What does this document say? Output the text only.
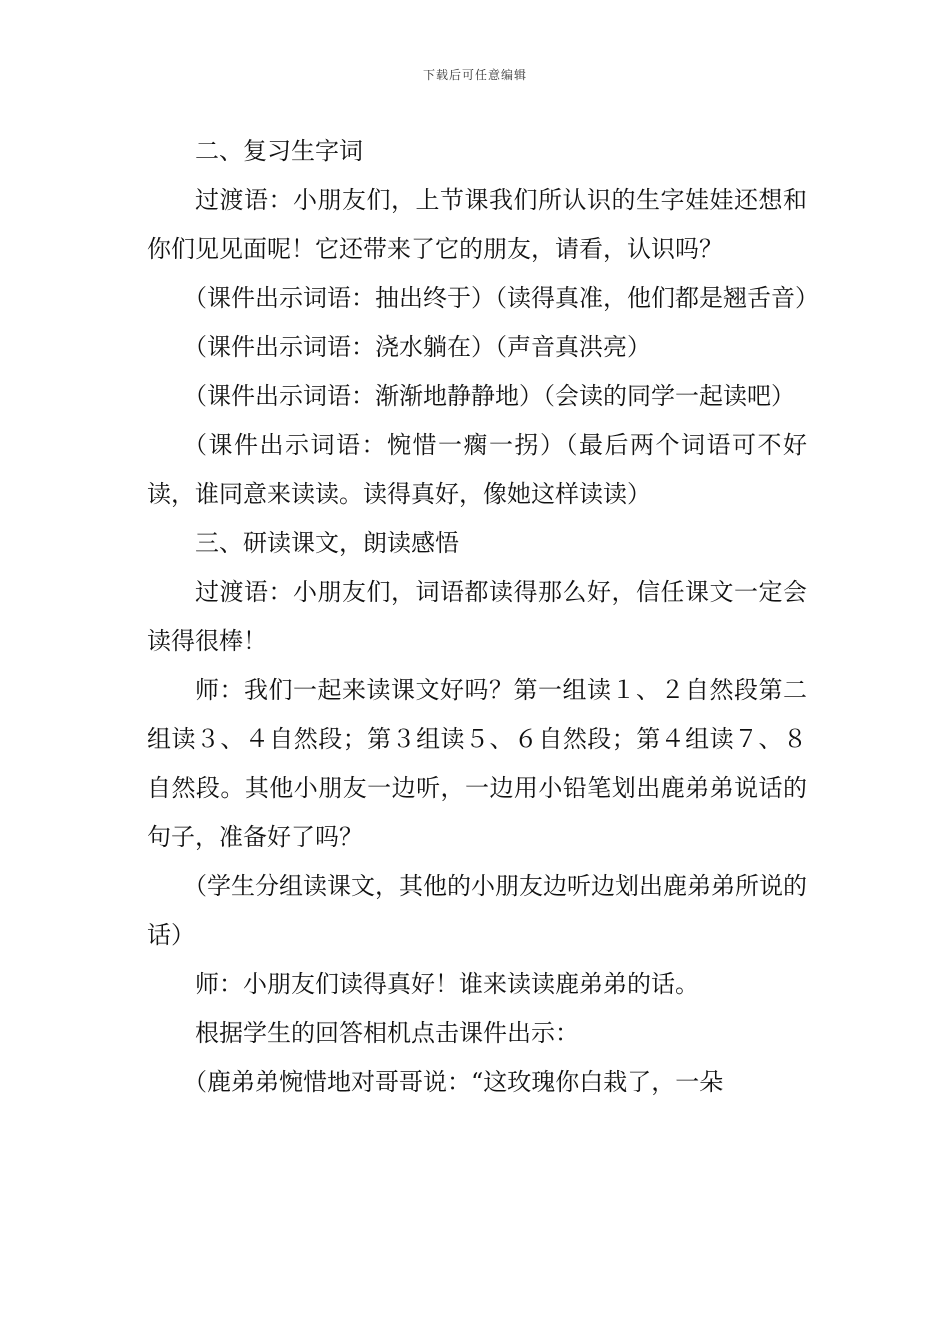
下载后可任意编辑

二、复习生字词

过渡语：小朋友们，上节课我们所认识的生字娃娃还想和你们见见面呢！它还带来了它的朋友，请看，认识吗？

（课件出示词语：抽出终于）（读得真准，他们都是翘舌音）

（课件出示词语：浇水躺在）（声音真洪亮）

（课件出示词语：渐渐地静静地）（会读的同学一起读吧）

（课件出示词语：惋惜一瘸一拐）（最后两个词语可不好读，谁同意来读读。读得真好，像她这样读读）

三、研读课文，朗读感悟

过渡语：小朋友们，词语都读得那么好，信任课文一定会读得很棒！

师：我们一起来读课文好吗？第一组读１、２自然段第二组读３、４自然段；第３组读５、６自然段；第４组读７、８自然段。其他小朋友一边听，一边用小铅笔划出鹿弟弟说话的句子，准备好了吗？

（学生分组读课文，其他的小朋友边听边划出鹿弟弟所说的话）

师：小朋友们读得真好！谁来读读鹿弟弟的话。

根据学生的回答相机点击课件出示：

（鹿弟弟惋惜地对哥哥说：“这玫瑰你白栽了，一朵
